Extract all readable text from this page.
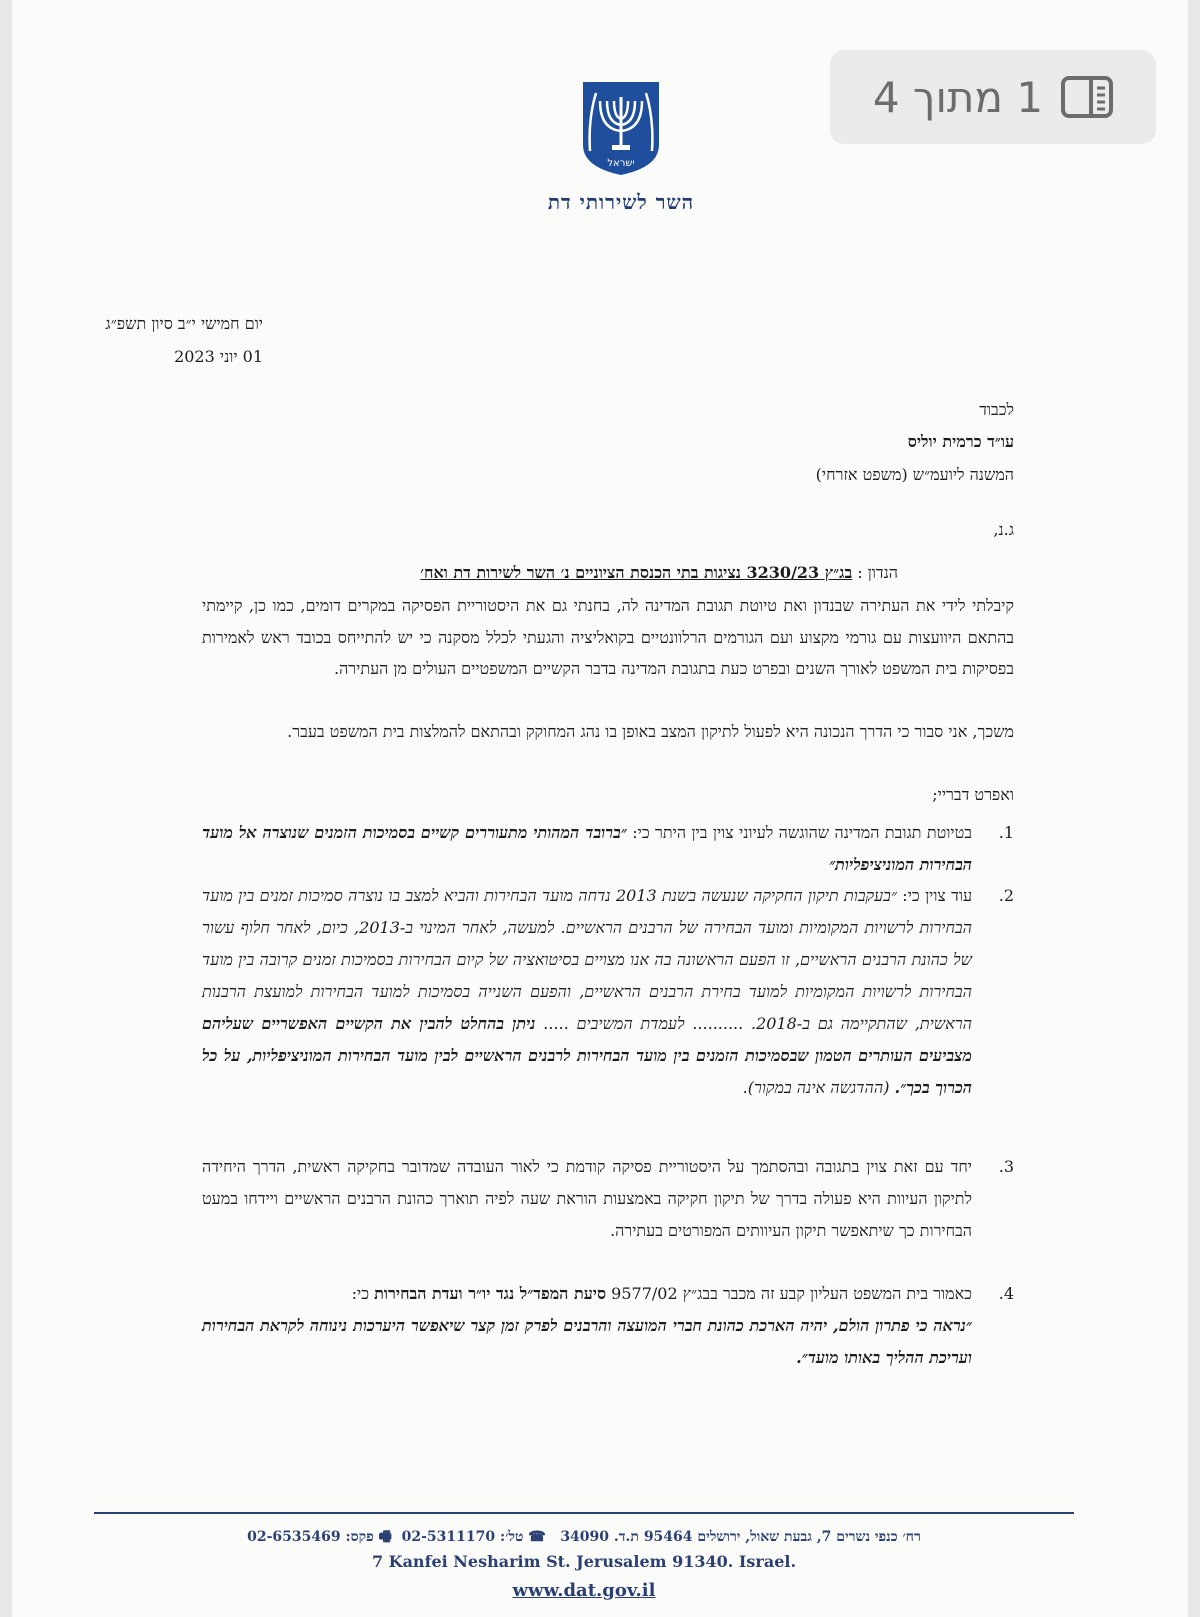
1 מתוך 4
ישראל
השר לשירותי דת
יום חמישי י״ב סיון תשפ״ג
01 יוני 2023
לכבוד
עו״ד כרמית יוליס
המשנה ליועמ״ש (משפט אזרחי)
ג.נ,
הנדון : בג״ץ 3230/23 נציגות בתי הכנסת הציוניים נ׳ השר לשירות דת ואח׳

קיבלתי לידי את העתירה שבנדון ואת טיוטת תגובת המדינה לה, בחנתי גם את היסטוריית הפסיקה במקרים דומים, כמו כן, קיימתי בהתאם היוועצות עם גורמי מקצוע ועם הגורמים הרלוונטיים בקואליציה והגעתי לכלל מסקנה כי יש להתייחס בכובד ראש לאמירות בפסיקות בית המשפט לאורך השנים ובפרט כעת בתגובת המדינה בדבר הקשיים המשפטיים העולים מן העתירה.

משכך, אני סבור כי הדרך הנכונה היא לפעול לתיקון המצב באופן בו נהג המחוקק ובהתאם להמלצות בית המשפט בעבר.

ואפרט דבריי;

1.

בטיוטת תגובת המדינה שהוגשה לעיוני צוין בין היתר כי: ״ברובד המהותי מתעוררים קשיים בסמיכות הזמנים שנוצרה אל מועד הבחירות המוניציפליות״

2.

עוד צוין כי: ״בעקבות תיקון החקיקה שנעשה בשנת 2013 נדחה מועד הבחירות והביא למצב בו נוצרה סמיכות זמנים בין מועד הבחירות לרשויות המקומיות ומועד הבחירה של הרבנים הראשיים. למעשה, לאחר המינוי ב-2013, כיום, לאחר חלוף עשור של כהונת הרבנים הראשיים, זו הפעם הראשונה בה אנו מצויים בסיטואציה של קיום הבחירות בסמיכות זמנים קרובה בין מועד הבחירות לרשויות המקומיות למועד בחירת הרבנים הראשיים, והפעם השנייה בסמיכות למועד הבחירות למועצת הרבנות הראשית, שהתקיימה גם ב-2018. .......... לעמדת המשיבים ..... ניתן בהחלט להבין את הקשיים האפשריים שעליהם מצביעים העותרים הטמון שבסמיכות הזמנים בין מועד הבחירות לרבנים הראשיים לבין מועד הבחירות המוניציפליות, על כל הכרוך בכך״. (ההדגשה אינה במקור).

3.

יחד עם זאת צוין בתגובה ובהסתמך על היסטוריית פסיקה קודמת כי לאור העובדה שמדובר בחקיקה ראשית, הדרך היחידה לתיקון העיוות היא פעולה בדרך של תיקון חקיקה באמצעות הוראת שעה לפיה תוארך כהונת הרבנים הראשיים ויידחו במעט הבחירות כך שיתאפשר תיקון העיוותים המפורטים בעתירה.

4.

כאמור בית המשפט העליון קבע זה מכבר בבג״ץ 9577/02 סיעת המפד״ל נגד יו״ר ועדת הבחירות כי:
״נראה כי פתרון הולם, יהיה הארכת כהונת חברי המועצה והרבנים לפרק זמן קצר שיאפשר היערכות נינוחה לקראת הבחירות ועריכת ההליך באותו מועד״.

רח׳ כנפי נשרים 7, גבעת שאול, ירושלים 95464 ת.ד. 34090   ☎ טל׳: 02-5311170  🖷 פקס: 02-6535469
7 Kanfei Nesharim St. Jerusalem 91340. Israel.
www.dat.gov.il
